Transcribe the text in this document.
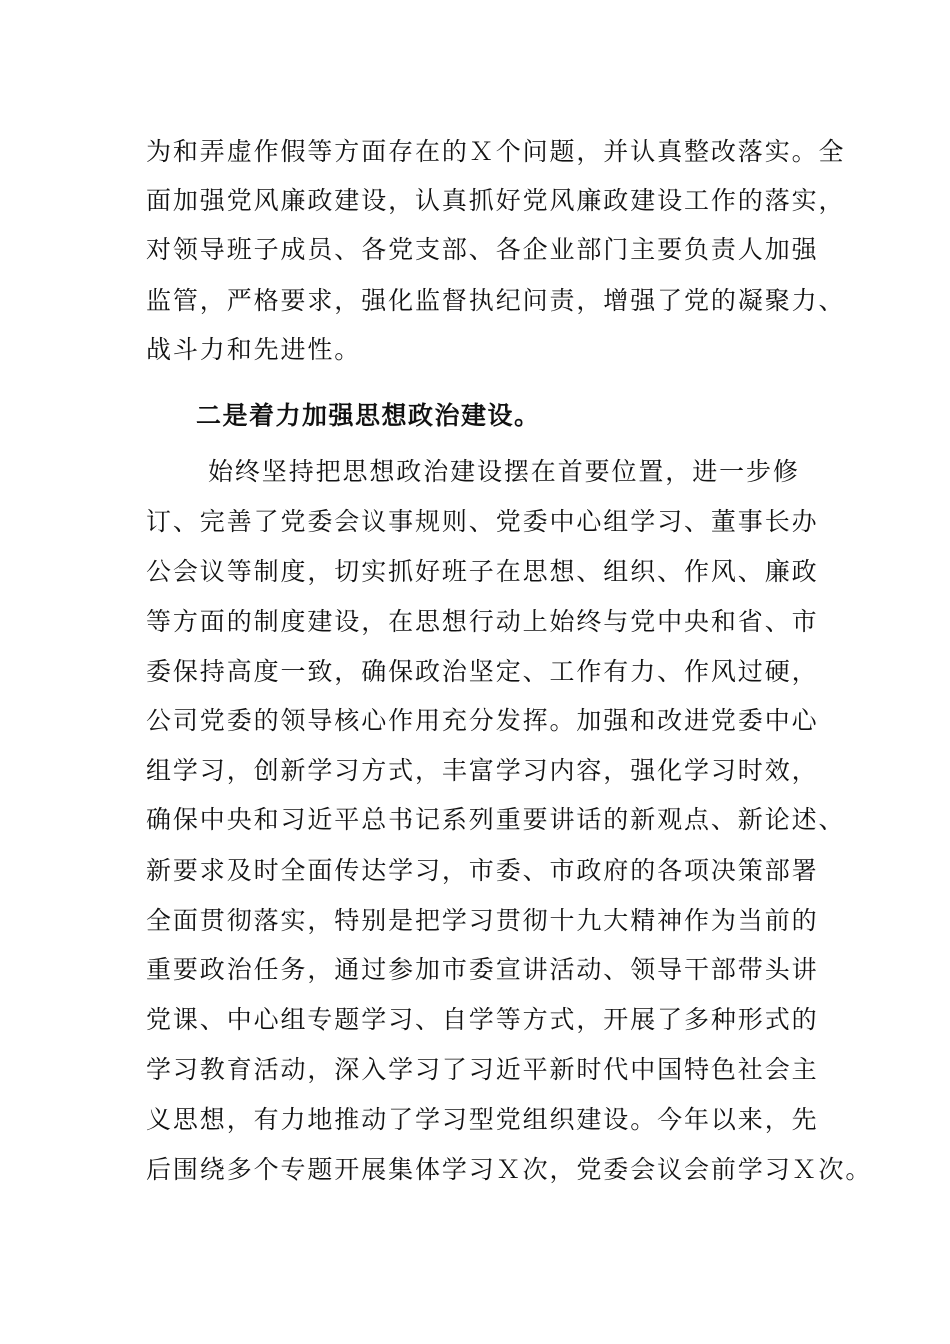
为和弄虚作假等方面存在的Ｘ个问题，并认真整改落实。全
面加强党风廉政建设，认真抓好党风廉政建设工作的落实，
对领导班子成员、各党支部、各企业部门主要负责人加强
监管，严格要求，强化监督执纪问责，增强了党的凝聚力、
战斗力和先进性。
二是着力加强思想政治建设。
始终坚持把思想政治建设摆在首要位置，进一步修
订、完善了党委会议事规则、党委中心组学习、董事长办
公会议等制度，切实抓好班子在思想、组织、作风、廉政
等方面的制度建设，在思想行动上始终与党中央和省、市
委保持高度一致，确保政治坚定、工作有力、作风过硬，
公司党委的领导核心作用充分发挥。加强和改进党委中心
组学习，创新学习方式，丰富学习内容，强化学习时效，
确保中央和习近平总书记系列重要讲话的新观点、新论述、
新要求及时全面传达学习，市委、市政府的各项决策部署
全面贯彻落实，特别是把学习贯彻十九大精神作为当前的
重要政治任务，通过参加市委宣讲活动、领导干部带头讲
党课、中心组专题学习、自学等方式，开展了多种形式的
学习教育活动，深入学习了习近平新时代中国特色社会主
义思想，有力地推动了学习型党组织建设。今年以来，先
后围绕多个专题开展集体学习Ｘ次，党委会议会前学习Ｘ次。
